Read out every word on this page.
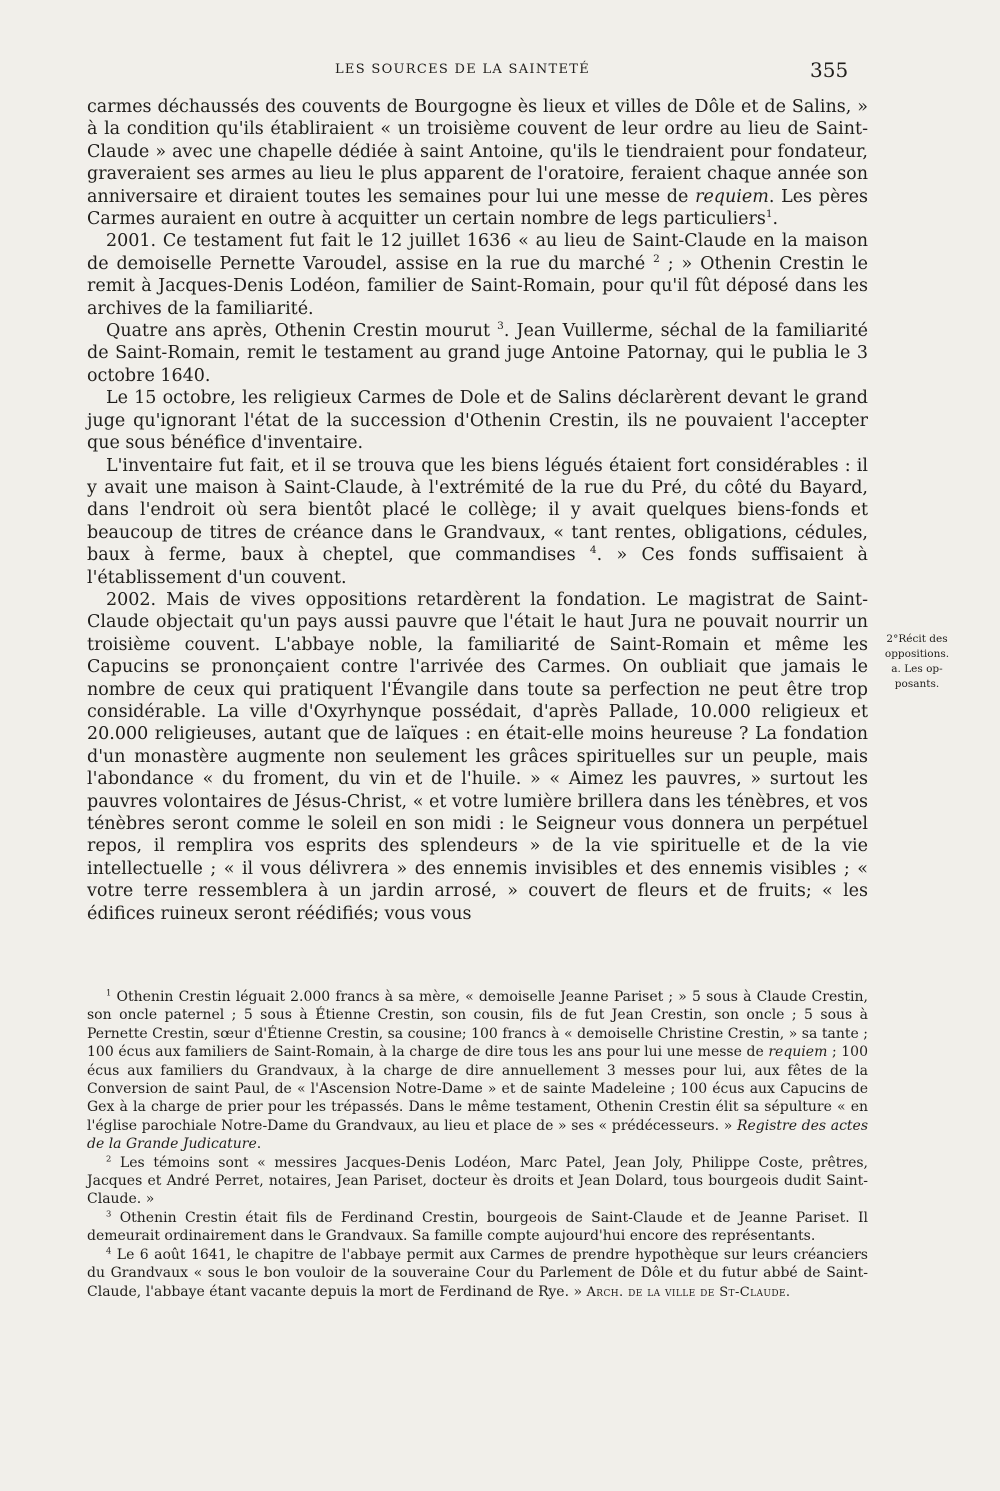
LES SOURCES DE LA SAINTETÉ	355

carmes déchaussés des couvents de Bourgogne ès lieux et villes de Dôle et de Salins, » à la condition qu'ils établiraient « un troisième couvent de leur ordre au lieu de Saint-Claude » avec une chapelle dédiée à saint Antoine, qu'ils le tiendraient pour fondateur, graveraient ses armes au lieu le plus apparent de l'oratoire, feraient chaque année son anniversaire et diraient toutes les semaines pour lui une messe de requiem. Les pères Carmes auraient en outre à acquitter un certain nombre de legs particuliers$^1$.

2001. Ce testament fut fait le 12 juillet 1636 « au lieu de Saint-Claude en la maison de demoiselle Pernette Varoudel, assise en la rue du marché $^2$ ; » Othenin Crestin le remit à Jacques-Denis Lodéon, familier de Saint-Romain, pour qu'il fût déposé dans les archives de la familiarité.

Quatre ans après, Othenin Crestin mourut $^3$. Jean Vuillerme, séchal de la familiarité de Saint-Romain, remit le testament au grand juge Antoine Patornay, qui le publia le 3 octobre 1640.

Le 15 octobre, les religieux Carmes de Dole et de Salins déclarèrent devant le grand juge qu'ignorant l'état de la succession d'Othenin Crestin, ils ne pouvaient l'accepter que sous bénéfice d'inventaire.

L'inventaire fut fait, et il se trouva que les biens légués étaient fort considérables : il y avait une maison à Saint-Claude, à l'extrémité de la rue du Pré, du côté du Bayard, dans l'endroit où sera bientôt placé le collège; il y avait quelques biens-fonds et beaucoup de titres de créance dans le Grandvaux, « tant rentes, obligations, cédules, baux à ferme, baux à cheptel, que commandises $^4$. » Ces fonds suffisaient à l'établissement d'un couvent.

2002. Mais de vives oppositions retardèrent la fondation. Le magistrat de Saint-Claude objectait qu'un pays aussi pauvre que l'était le haut Jura ne pouvait nourrir un troisième couvent. L'abbaye noble, la familiarité de Saint-Romain et même les Capucins se prononçaient contre l'arrivée des Carmes. On oubliait que jamais le nombre de ceux qui pratiquent l'Évangile dans toute sa perfection ne peut être trop considérable. La ville d'Oxyrhynque possédait, d'après Pallade, 10.000 religieux et 20.000 religieuses, autant que de laïques : en était-elle moins heureuse ? La fondation d'un monastère augmente non seulement les grâces spirituelles sur un peuple, mais l'abondance « du froment, du vin et de l'huile. » « Aimez les pauvres, » surtout les pauvres volontaires de Jésus-Christ, « et votre lumière brillera dans les ténèbres, et vos ténèbres seront comme le soleil en son midi : le Seigneur vous donnera un perpétuel repos, il remplira vos esprits des splendeurs » de la vie spirituelle et de la vie intellectuelle ; « il vous délivrera » des ennemis invisibles et des ennemis visibles ; « votre terre ressemblera à un jardin arrosé, » couvert de fleurs et de fruits; « les édifices ruineux seront réédifiés; vous vous

2°Récit des
oppositions.
a. Les op-
posants.

$^1$ Othenin Crestin léguait 2.000 francs à sa mère, « demoiselle Jeanne Pariset ; » 5 sous à Claude Crestin, son oncle paternel ; 5 sous à Étienne Crestin, son cousin, fils de fut Jean Crestin, son oncle ; 5 sous à Pernette Crestin, sœur d'Étienne Crestin, sa cousine; 100 francs à « demoiselle Christine Crestin, » sa tante ; 100 écus aux familiers de Saint-Romain, à la charge de dire tous les ans pour lui une messe de requiem ; 100 écus aux familiers du Grandvaux, à la charge de dire annuellement 3 messes pour lui, aux fêtes de la Conversion de saint Paul, de « l'Ascension Notre-Dame » et de sainte Madeleine ; 100 écus aux Capucins de Gex à la charge de prier pour les trépassés. Dans le même testament, Othenin Crestin élit sa sépulture « en l'église parochiale Notre-Dame du Grandvaux, au lieu et place de » ses « prédécesseurs. » Registre des actes de la Grande Judicature.

$^2$ Les témoins sont « messires Jacques-Denis Lodéon, Marc Patel, Jean Joly, Philippe Coste, prêtres, Jacques et André Perret, notaires, Jean Pariset, docteur ès droits et Jean Dolard, tous bourgeois dudit Saint-Claude. »

$^3$ Othenin Crestin était fils de Ferdinand Crestin, bourgeois de Saint-Claude et de Jeanne Pariset. Il demeurait ordinairement dans le Grandvaux. Sa famille compte aujourd'hui encore des représentants.

$^4$ Le 6 août 1641, le chapitre de l'abbaye permit aux Carmes de prendre hypothèque sur leurs créanciers du Grandvaux « sous le bon vouloir de la souveraine Cour du Parlement de Dôle et du futur abbé de Saint-Claude, l'abbaye étant vacante depuis la mort de Ferdinand de Rye. » Arch. de la ville de St-Claude.
